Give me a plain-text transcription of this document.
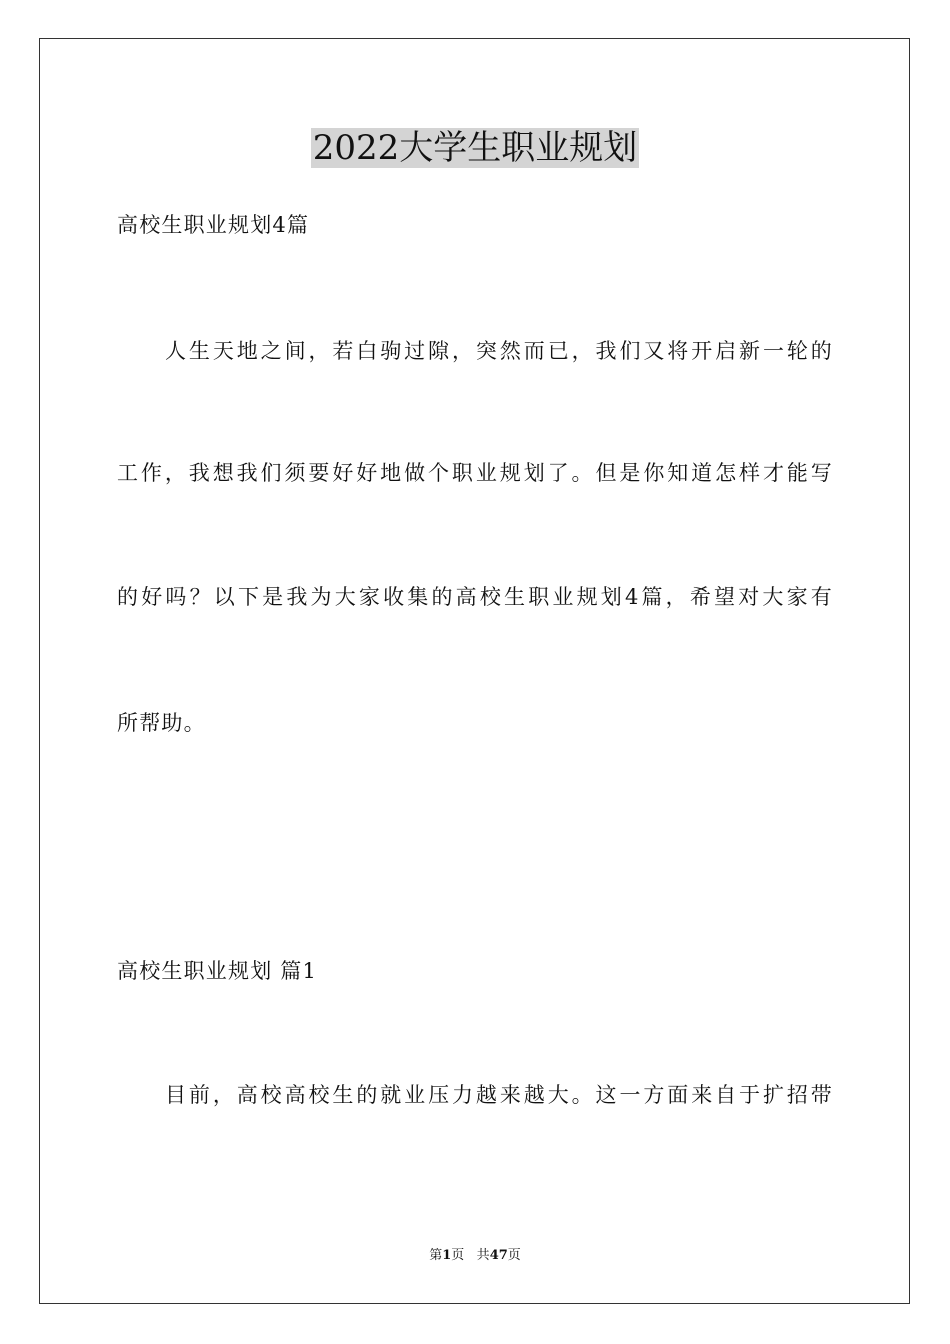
2022大学生职业规划
高校生职业规划4篇
人生天地之间，若白驹过隙，突然而已，我们又将开启新一轮的
工作，我想我们须要好好地做个职业规划了。但是你知道怎样才能写
的好吗？以下是我为大家收集的高校生职业规划4篇，希望对大家有
所帮助。
高校生职业规划 篇1
目前，高校高校生的就业压力越来越大。这一方面来自于扩招带
第1页 共47页
